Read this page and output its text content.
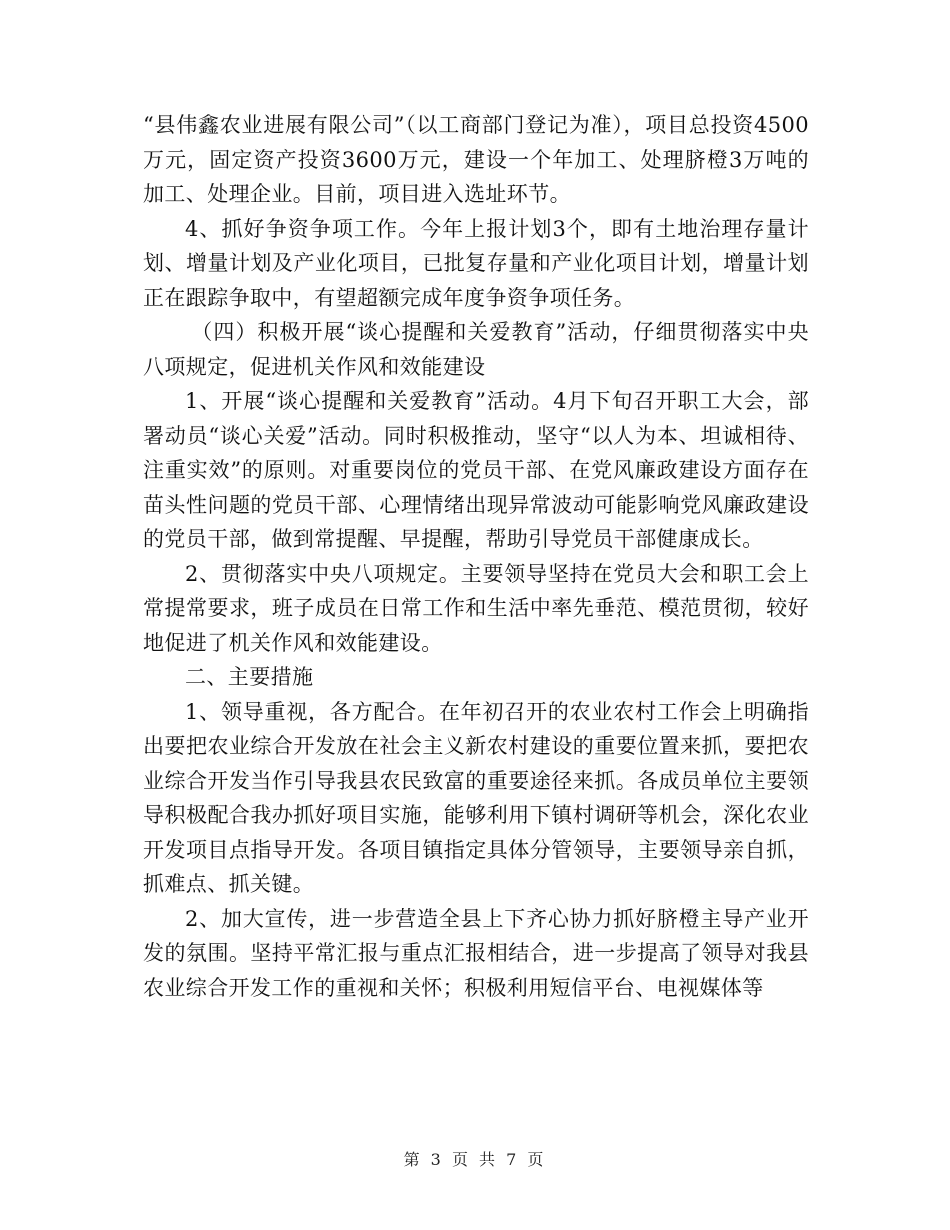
“县伟鑫农业进展有限公司”（以工商部门登记为准），项目总投资4500万元，固定资产投资3600万元，建设一个年加工、处理脐橙3万吨的加工、处理企业。目前，项目进入选址环节。

4、抓好争资争项工作。今年上报计划3个，即有土地治理存量计划、增量计划及产业化项目，已批复存量和产业化项目计划，增量计划正在跟踪争取中，有望超额完成年度争资争项任务。

（四）积极开展“谈心提醒和关爱教育”活动，仔细贯彻落实中央八项规定，促进机关作风和效能建设

1、开展“谈心提醒和关爱教育”活动。4月下旬召开职工大会，部署动员“谈心关爱”活动。同时积极推动，坚守“以人为本、坦诚相待、注重实效”的原则。对重要岗位的党员干部、在党风廉政建设方面存在苗头性问题的党员干部、心理情绪出现异常波动可能影响党风廉政建设的党员干部，做到常提醒、早提醒，帮助引导党员干部健康成长。

2、贯彻落实中央八项规定。主要领导坚持在党员大会和职工会上常提常要求，班子成员在日常工作和生活中率先垂范、模范贯彻，较好地促进了机关作风和效能建设。

二、主要措施

1、领导重视，各方配合。在年初召开的农业农村工作会上明确指出要把农业综合开发放在社会主义新农村建设的重要位置来抓，要把农业综合开发当作引导我县农民致富的重要途径来抓。各成员单位主要领导积极配合我办抓好项目实施，能够利用下镇村调研等机会，深化农业开发项目点指导开发。各项目镇指定具体分管领导，主要领导亲自抓，抓难点、抓关键。

2、加大宣传，进一步营造全县上下齐心协力抓好脐橙主导产业开发的氛围。坚持平常汇报与重点汇报相结合，进一步提高了领导对我县农业综合开发工作的重视和关怀；积极利用短信平台、电视媒体等

第 3 页 共 7 页
